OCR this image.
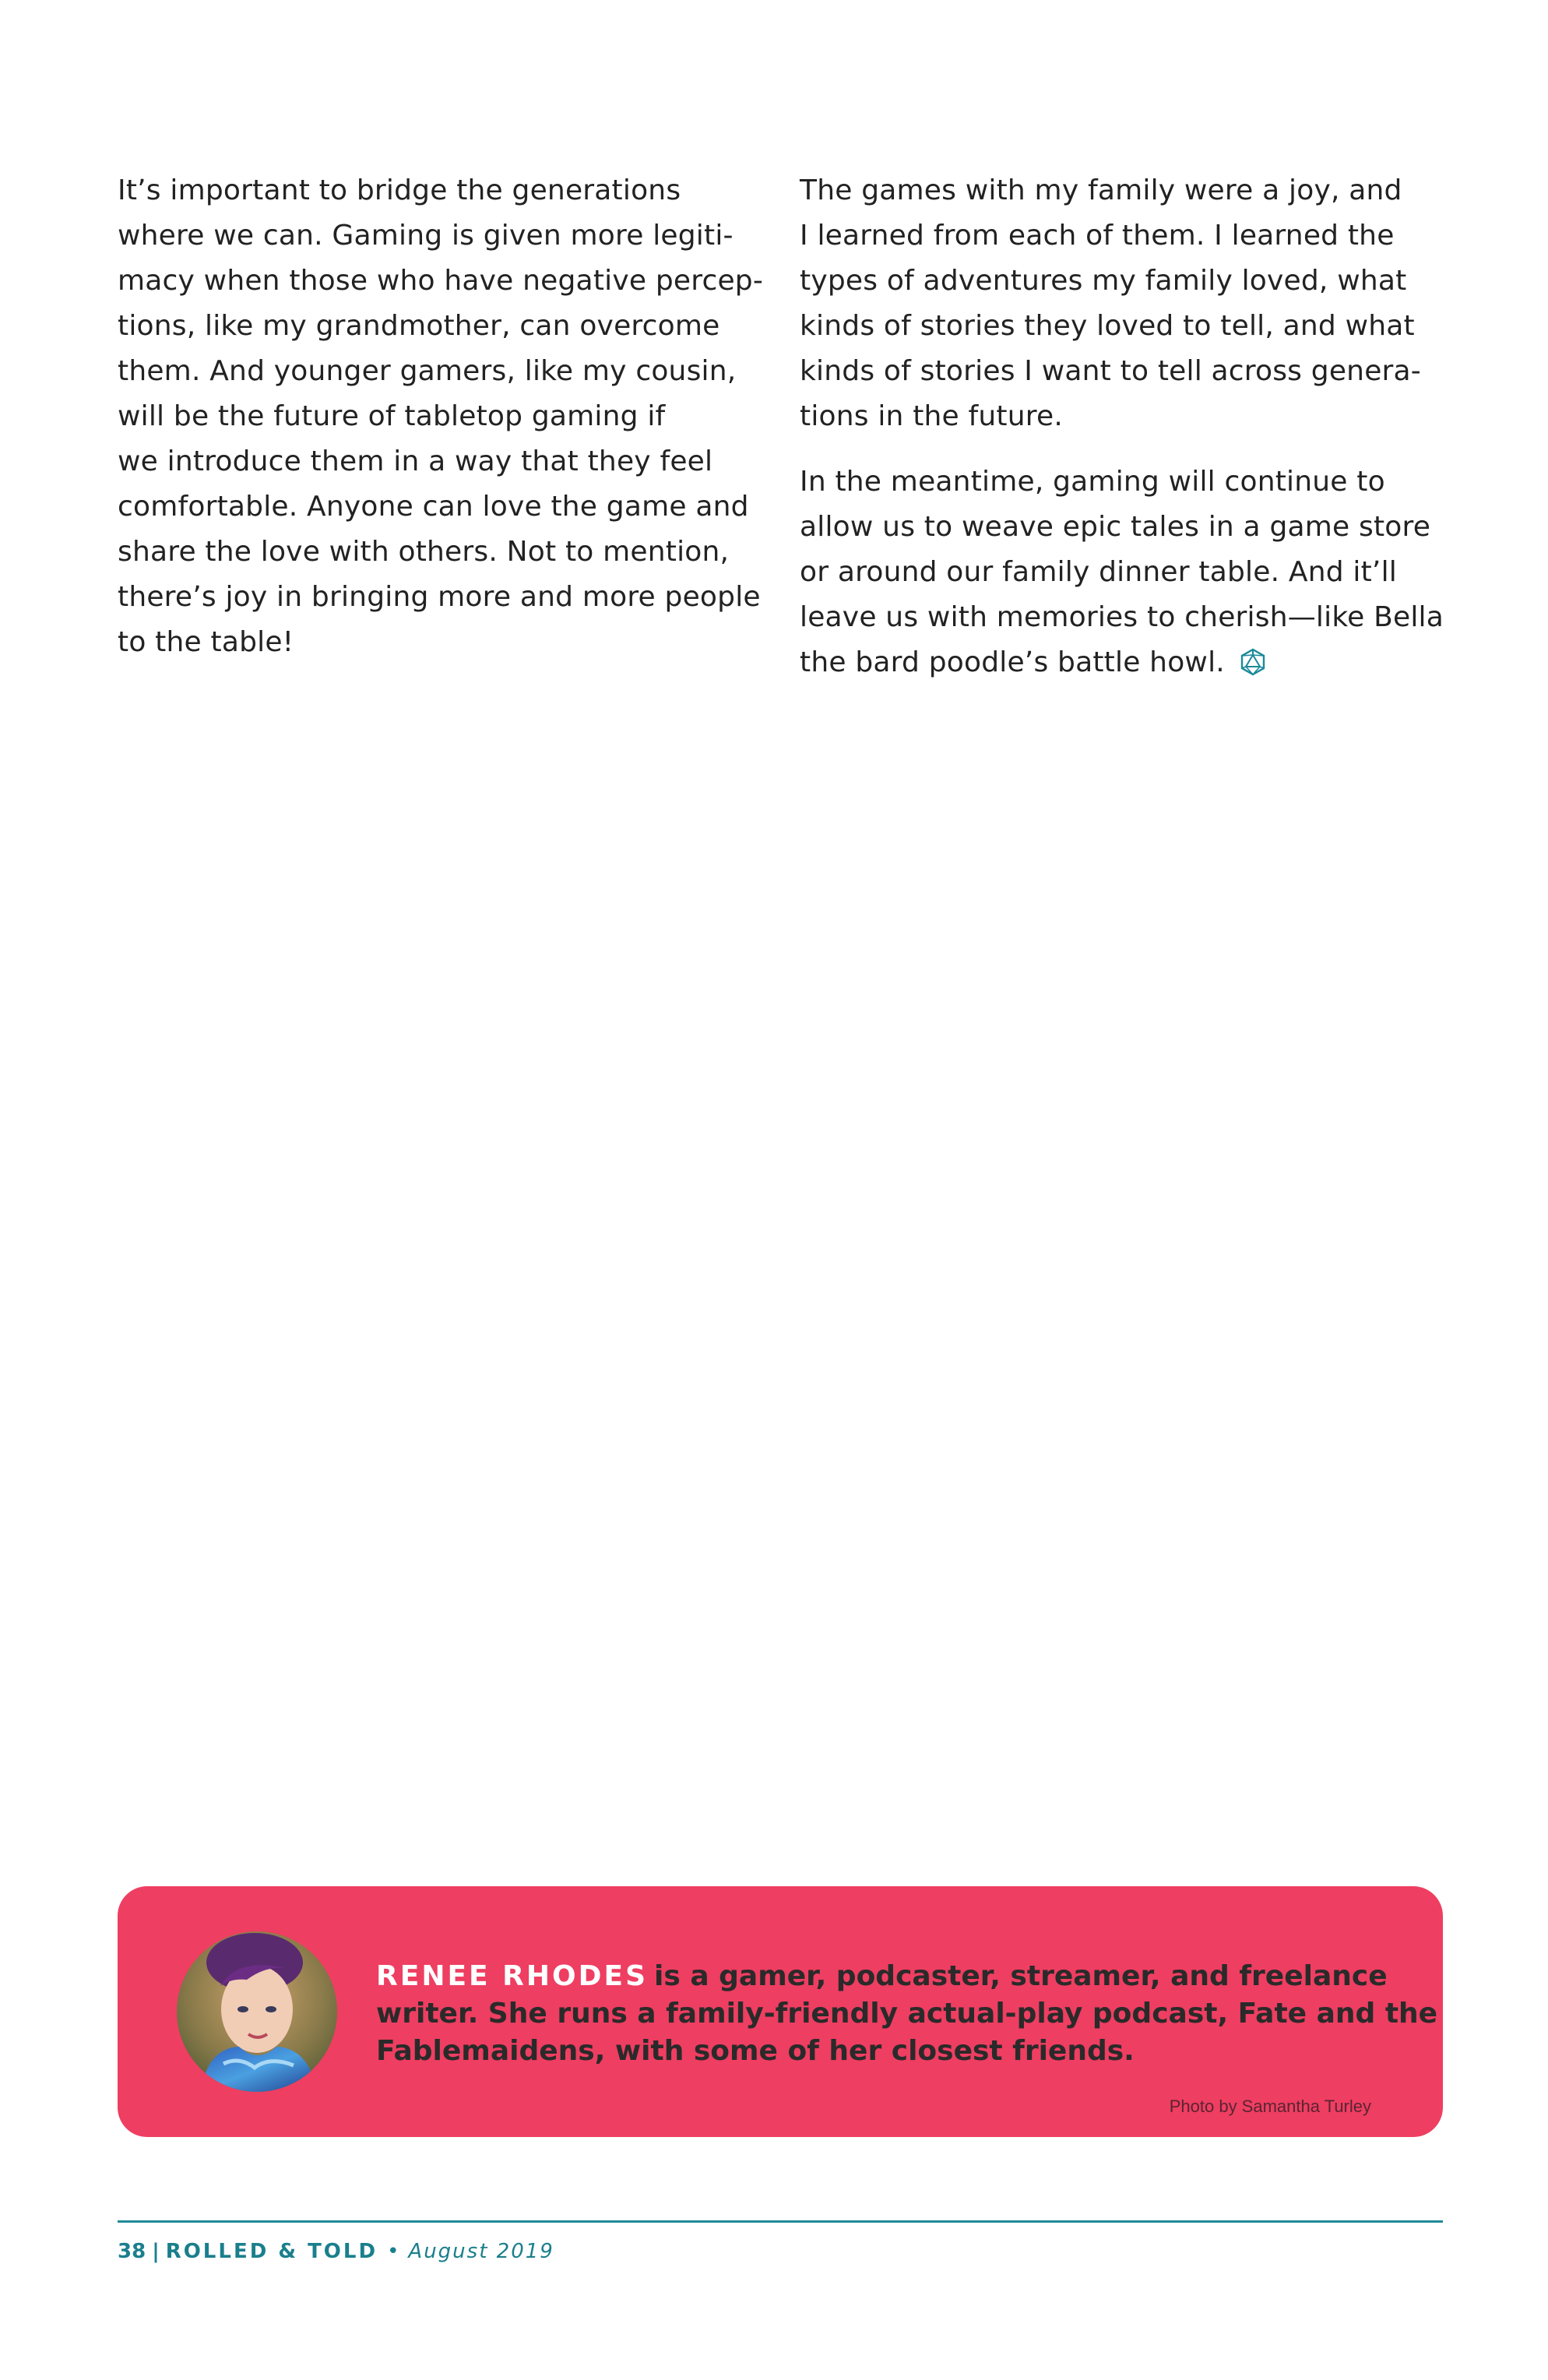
It’s important to bridge the generations
where we can. Gaming is given more legiti-
macy when those who have negative percep-
tions, like my grandmother, can overcome
them. And younger gamers, like my cousin,
will be the future of tabletop gaming if
we introduce them in a way that they feel
comfortable. Anyone can love the game and
share the love with others. Not to mention,
there’s joy in bringing more and more people
to the table!

The games with my family were a joy, and
I learned from each of them. I learned the
types of adventures my family loved, what
kinds of stories they loved to tell, and what
kinds of stories I want to tell across genera-
tions in the future.

In the meantime, gaming will continue to
allow us to weave epic tales in a game store
or around our family dinner table. And it’ll
leave us with memories to cherish—like Bella
the bard poodle’s battle howl.

RENEE RHODES is a gamer, podcaster, streamer, and freelance
writer. She runs a family-friendly actual-play podcast, Fate and the
Fablemaidens, with some of her closest friends.
Photo by Samantha Turley
38 | ROLLED & TOLD • August 2019
